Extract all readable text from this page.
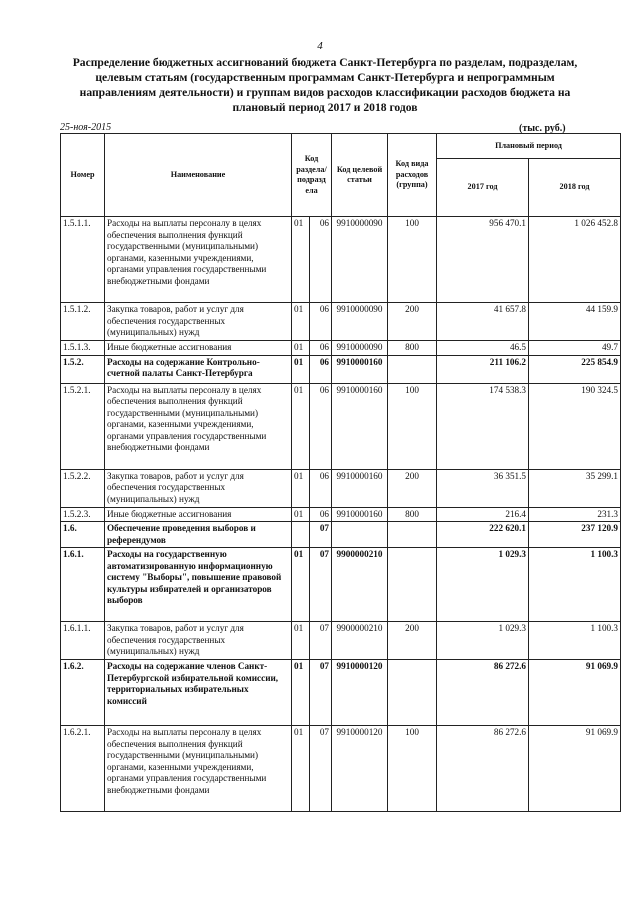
4
Распределение бюджетных ассигнований бюджета Санкт-Петербурга по разделам, подразделам, целевым статьям (государственным программам Санкт-Петербурга и непрограммным направлениям деятельности) и группам видов расходов классификации расходов бюджета на плановый период 2017 и 2018 годов
25-ноя-2015	(тыс. руб.)
Номер	Наименование	Код раздела/ подразд ела		Код целевой статьи	Код вида расходов (группа)	Плановый период	
						2017 год	2018 год
1.5.1.1.	Расходы на выплаты персоналу в целях обеспечения выполнения функций государственными (муниципальными) органами, казенными учреждениями, органами управления государственными внебюджетными фондами	01	06	9910000090	100	956 470.1	1 026 452.8
1.5.1.2.	Закупка товаров, работ и услуг для обеспечения государственных (муниципальных) нужд	01	06	9910000090	200	41 657.8	44 159.9
1.5.1.3.	Иные бюджетные ассигнования	01	06	9910000090	800	46.5	49.7
1.5.2.	Расходы на содержание Контрольно-счетной палаты Санкт-Петербурга	01	06	9910000160		211 106.2	225 854.9
1.5.2.1.	Расходы на выплаты персоналу в целях обеспечения выполнения функций государственными (муниципальными) органами, казенными учреждениями, органами управления государственными внебюджетными фондами	01	06	9910000160	100	174 538.3	190 324.5
1.5.2.2.	Закупка товаров, работ и услуг для обеспечения государственных (муниципальных) нужд	01	06	9910000160	200	36 351.5	35 299.1
1.5.2.3.	Иные бюджетные ассигнования	01	06	9910000160	800	216.4	231.3
1.6.	Обеспечение проведения выборов и референдумов		07			222 620.1	237 120.9
1.6.1.	Расходы на государственную автоматизированную информационную систему "Выборы", повышение правовой культуры избирателей и организаторов выборов	01	07	9900000210		1 029.3	1 100.3
1.6.1.1.	Закупка товаров, работ и услуг для обеспечения государственных (муниципальных) нужд	01	07	9900000210	200	1 029.3	1 100.3
1.6.2.	Расходы на содержание членов Санкт-Петербургской избирательной комиссии, территориальных избирательных комиссий	01	07	9910000120		86 272.6	91 069.9
1.6.2.1.	Расходы на выплаты персоналу в целях обеспечения выполнения функций государственными (муниципальными) органами, казенными учреждениями, органами управления государственными внебюджетными фондами	01	07	9910000120	100	86 272.6	91 069.9
